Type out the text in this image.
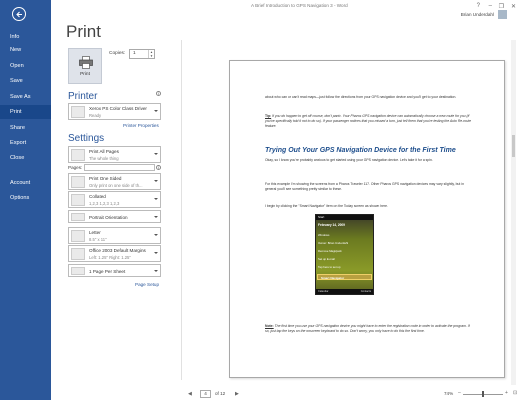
Info
New
Open
Save
Save As
Print
Share
Export
Close
Account
Options
A Brief Introduction to GPS Navigation 3 - Word	? – ❐ ✕
Brian Underdahl
Print
Print
Copies:	1	▲
▼
Printer	i
Xerox PS Color Class Driver
Ready
Printer Properties
Settings
Print All Pages
The whole thing
Pages:	i
Print One Sided
Only print on one side of th...
Collated
1,2,3 1,2,3 1,2,3
Portrait Orientation
Letter
8.5" x 11"
Office 2003 Default Margins
Left: 1.25" Right: 1.25"
1 Page Per Sheet
Page Setup

about who can or can't read maps—just follow the directions from your GPS navigation device and you'll get to your destination.

Tip: If you do happen to get off course, don't panic. Your Pharos GPS navigation device can automatically choose a new route for you (if you've specifically told it not to do so). If your passenger notices that you missed a turn, just tell them that you're testing the Auto Re-route feature.

Trying Out Your GPS Navigation Device for the First Time

Okay, so I know you're probably anxious to get started using your GPS navigation device. Let's take it for a spin.

For this example I'm showing the screens from a Pharos Traveler 117. Other Pharos GPS navigation devices may vary slightly, but in general you'll see something pretty similar to these.

I begin by clicking the "Smart Navigator" item on the Today screen as shown here.

Start
February 14, 2009
Windows
Owner: Brian Underdahl
Remove Magicjack
Set up E-mail
Tap here to set up
Smart Navigator
Calendar	Contacts

Note: The first time you use your GPS navigation device you might have to enter the registration code in order to activate the program. If so, just tap the keys on the onscreen keyboard to do so. Don't worry, you only have to do this the first time.

◀	4	of 12 ▶	74% –	+ ⊡
